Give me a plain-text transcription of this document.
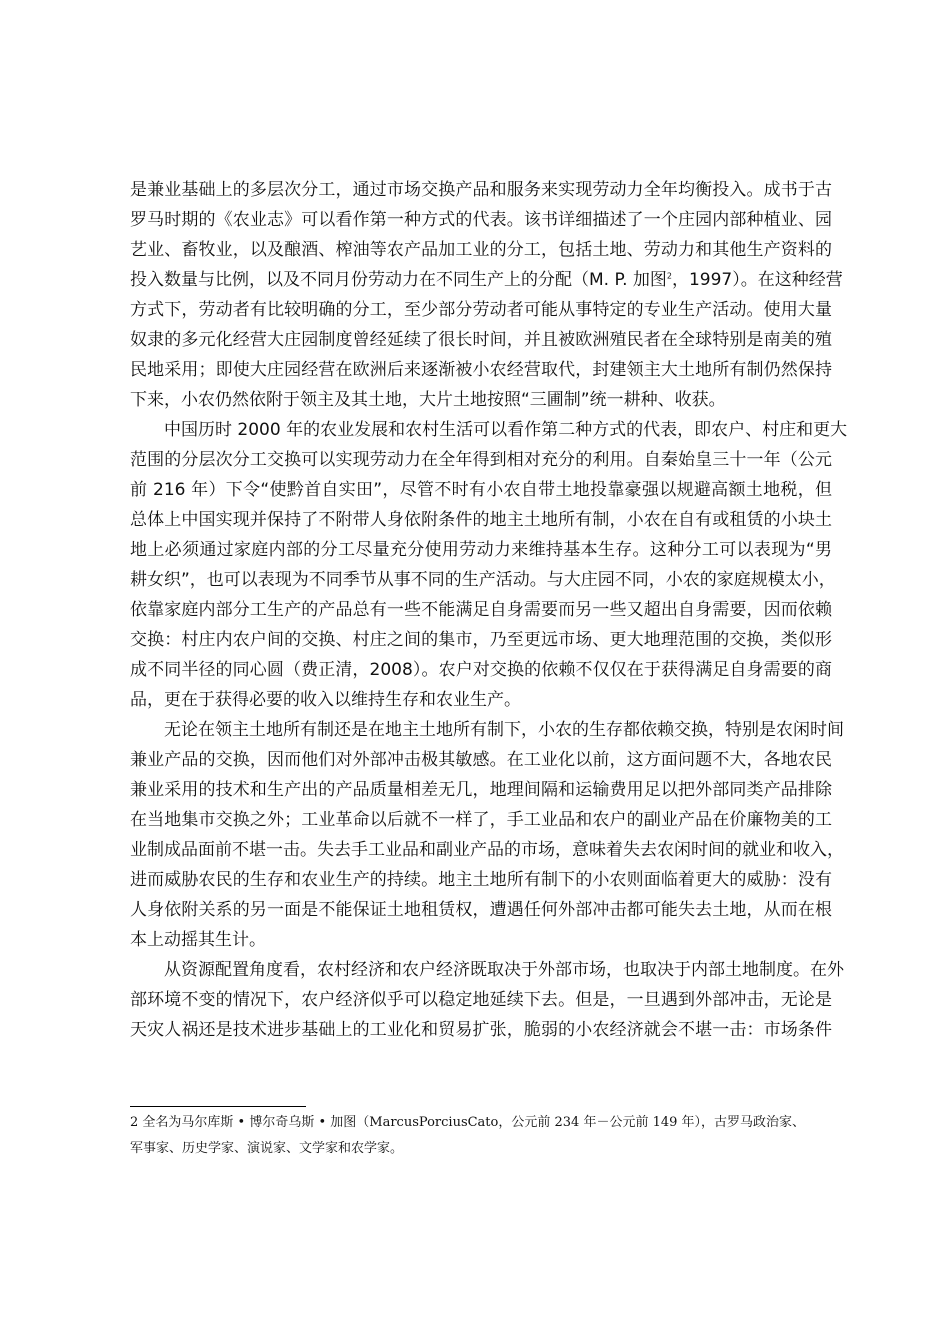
是兼业基础上的多层次分工，通过市场交换产品和服务来实现劳动力全年均衡投入。成书于古
罗马时期的《农业志》可以看作第一种方式的代表。该书详细描述了一个庄园内部种植业、园
艺业、畜牧业，以及酿酒、榨油等农产品加工业的分工，包括土地、劳动力和其他生产资料的
投入数量与比例，以及不同月份劳动力在不同生产上的分配（M. P. 加图$^2$，1997）。在这种经营
方式下，劳动者有比较明确的分工，至少部分劳动者可能从事特定的专业生产活动。使用大量
奴隶的多元化经营大庄园制度曾经延续了很长时间，并且被欧洲殖民者在全球特别是南美的殖
民地采用；即使大庄园经营在欧洲后来逐渐被小农经营取代，封建领主大土地所有制仍然保持
下来，小农仍然依附于领主及其土地，大片土地按照“三圃制”统一耕种、收获。
中国历时 2000 年的农业发展和农村生活可以看作第二种方式的代表，即农户、村庄和更大
范围的分层次分工交换可以实现劳动力在全年得到相对充分的利用。自秦始皇三十一年（公元
前 216 年）下令“使黔首自实田”，尽管不时有小农自带土地投靠豪强以规避高额土地税，但
总体上中国实现并保持了不附带人身依附条件的地主土地所有制，小农在自有或租赁的小块土
地上必须通过家庭内部的分工尽量充分使用劳动力来维持基本生存。这种分工可以表现为“男
耕女织”，也可以表现为不同季节从事不同的生产活动。与大庄园不同，小农的家庭规模太小，
依靠家庭内部分工生产的产品总有一些不能满足自身需要而另一些又超出自身需要，因而依赖
交换：村庄内农户间的交换、村庄之间的集市，乃至更远市场、更大地理范围的交换，类似形
成不同半径的同心圆（费正清，2008）。农户对交换的依赖不仅仅在于获得满足自身需要的商
品，更在于获得必要的收入以维持生存和农业生产。
无论在领主土地所有制还是在地主土地所有制下，小农的生存都依赖交换，特别是农闲时间
兼业产品的交换，因而他们对外部冲击极其敏感。在工业化以前，这方面问题不大，各地农民
兼业采用的技术和生产出的产品质量相差无几，地理间隔和运输费用足以把外部同类产品排除
在当地集市交换之外；工业革命以后就不一样了，手工业品和农户的副业产品在价廉物美的工
业制成品面前不堪一击。失去手工业品和副业产品的市场，意味着失去农闲时间的就业和收入，
进而威胁农民的生存和农业生产的持续。地主土地所有制下的小农则面临着更大的威胁：没有
人身依附关系的另一面是不能保证土地租赁权，遭遇任何外部冲击都可能失去土地，从而在根
本上动摇其生计。
从资源配置角度看，农村经济和农户经济既取决于外部市场，也取决于内部土地制度。在外
部环境不变的情况下，农户经济似乎可以稳定地延续下去。但是，一旦遇到外部冲击，无论是
天灾人祸还是技术进步基础上的工业化和贸易扩张，脆弱的小农经济就会不堪一击：市场条件
2 全名为马尔库斯 • 博尔奇乌斯 • 加图（MarcusPorciusCato，公元前 234 年－公元前 149 年），古罗马政治家、
军事家、历史学家、演说家、文学家和农学家。
